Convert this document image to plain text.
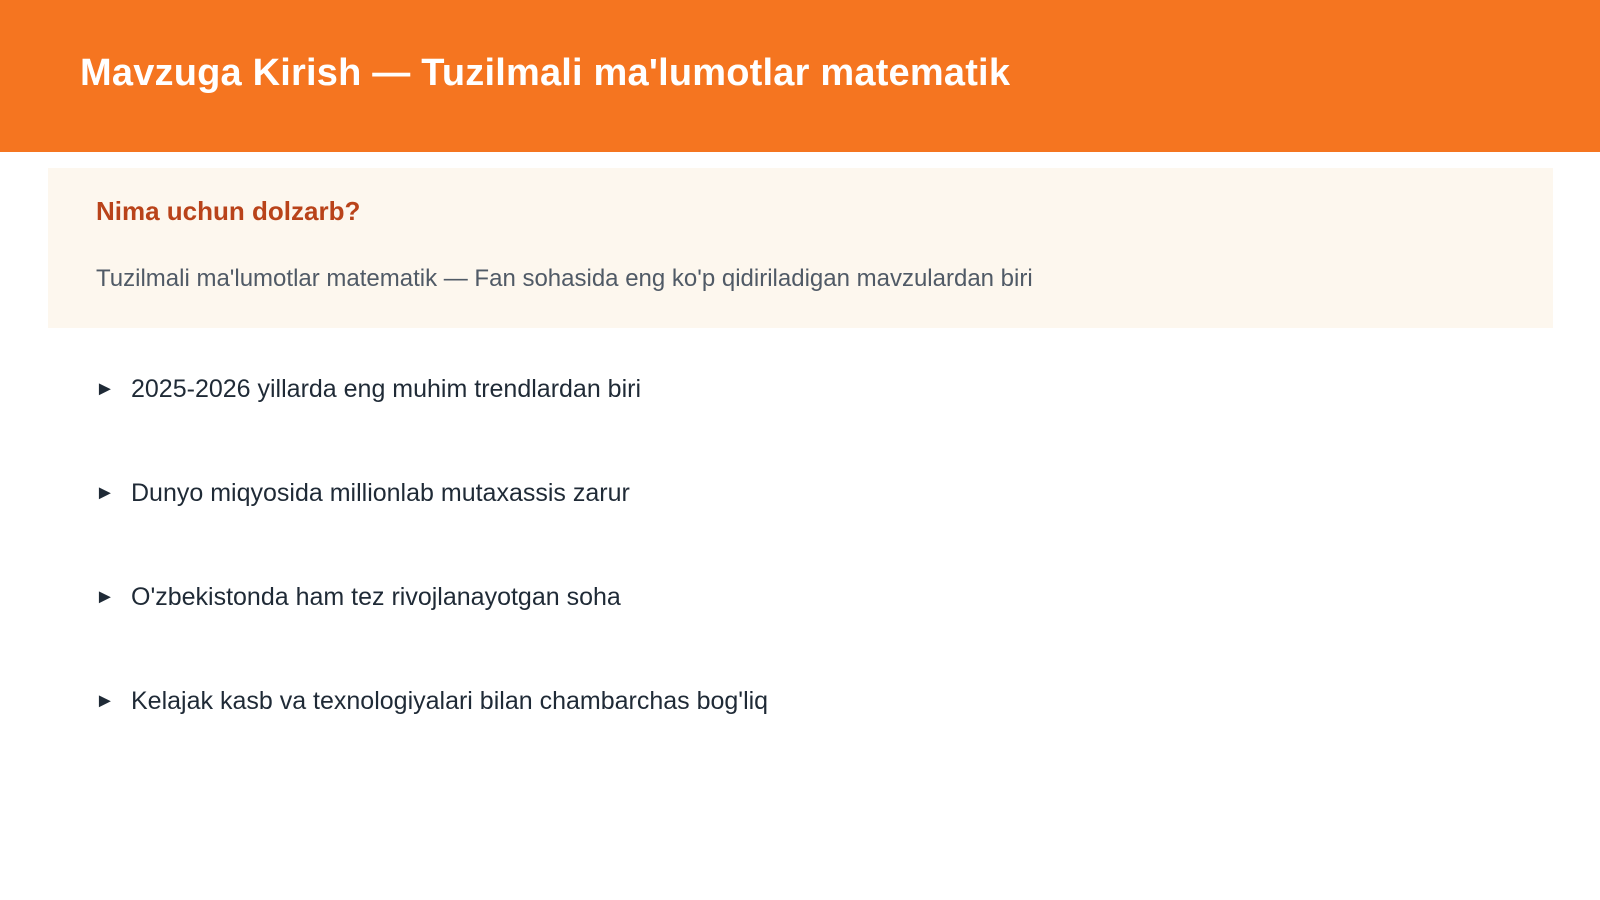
Mavzuga Kirish — Tuzilmali ma'lumotlar matematik
Nima uchun dolzarb?

Tuzilmali ma'lumotlar matematik — Fan sohasida eng ko'p qidiriladigan mavzulardan biri

► 2025-2026 yillarda eng muhim trendlardan biri
► Dunyo miqyosida millionlab mutaxassis zarur
► O'zbekistonda ham tez rivojlanayotgan soha
► Kelajak kasb va texnologiyalari bilan chambarchas bog'liq
